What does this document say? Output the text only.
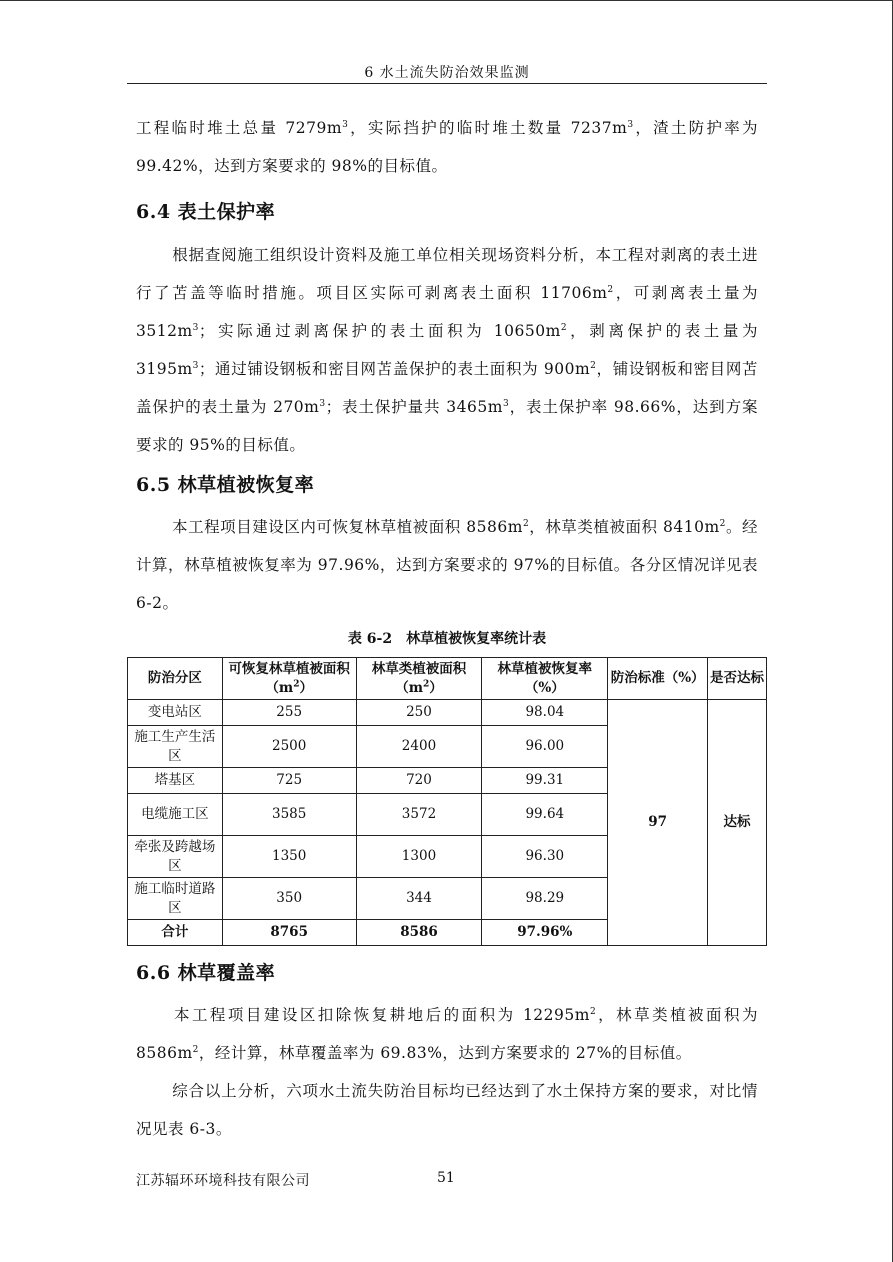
6 水土流失防治效果监测
工程临时堆土总量 $7279m^3$，实际挡护的临时堆土数量 $7237m^3$，渣土防护率为 99.42%，达到方案要求的 98%的目标值。
6.4 表土保护率
根据查阅施工组织设计资料及施工单位相关现场资料分析，本工程对剥离的表土进行了苫盖等临时措施。项目区实际可剥离表土面积 $11706m^2$，可剥离表土量为 $3512m^3$；实际通过剥离保护的表土面积为 $10650m^2$，剥离保护的表土量为 $3195m^3$；通过铺设钢板和密目网苫盖保护的表土面积为 $900m^2$，铺设钢板和密目网苫盖保护的表土量为 $270m^3$；表土保护量共 $3465m^3$，表土保护率 98.66%，达到方案要求的 95%的目标值。
6.5 林草植被恢复率
本工程项目建设区内可恢复林草植被面积 $8586m^2$，林草类植被面积 $8410m^2$。经计算，林草植被恢复率为 97.96%，达到方案要求的 97%的目标值。各分区情况详见表 6-2。
表 6-2　林草植被恢复率统计表
防治分区	可恢复林草植被面积$(m^2)$	林草类植被面积$(m^2)$	林草植被恢复率（%）	防治标准（%）	是否达标
变电站区	255	250	98.04	97	达标
施工生产生活区	2500	2400	96.00		
塔基区	725	720	99.31		
电缆施工区	3585	3572	99.64		
牵张及跨越场区	1350	1300	96.30		
施工临时道路区	350	344	98.29		
合计	8765	8586	97.96%		
6.6 林草覆盖率
本工程项目建设区扣除恢复耕地后的面积为 $12295m^2$，林草类植被面积为 $8586m^2$，经计算，林草覆盖率为 69.83%，达到方案要求的 27%的目标值。
综合以上分析，六项水土流失防治目标均已经达到了水土保持方案的要求，对比情况见表 6-3。
江苏辐环环境科技有限公司	51
